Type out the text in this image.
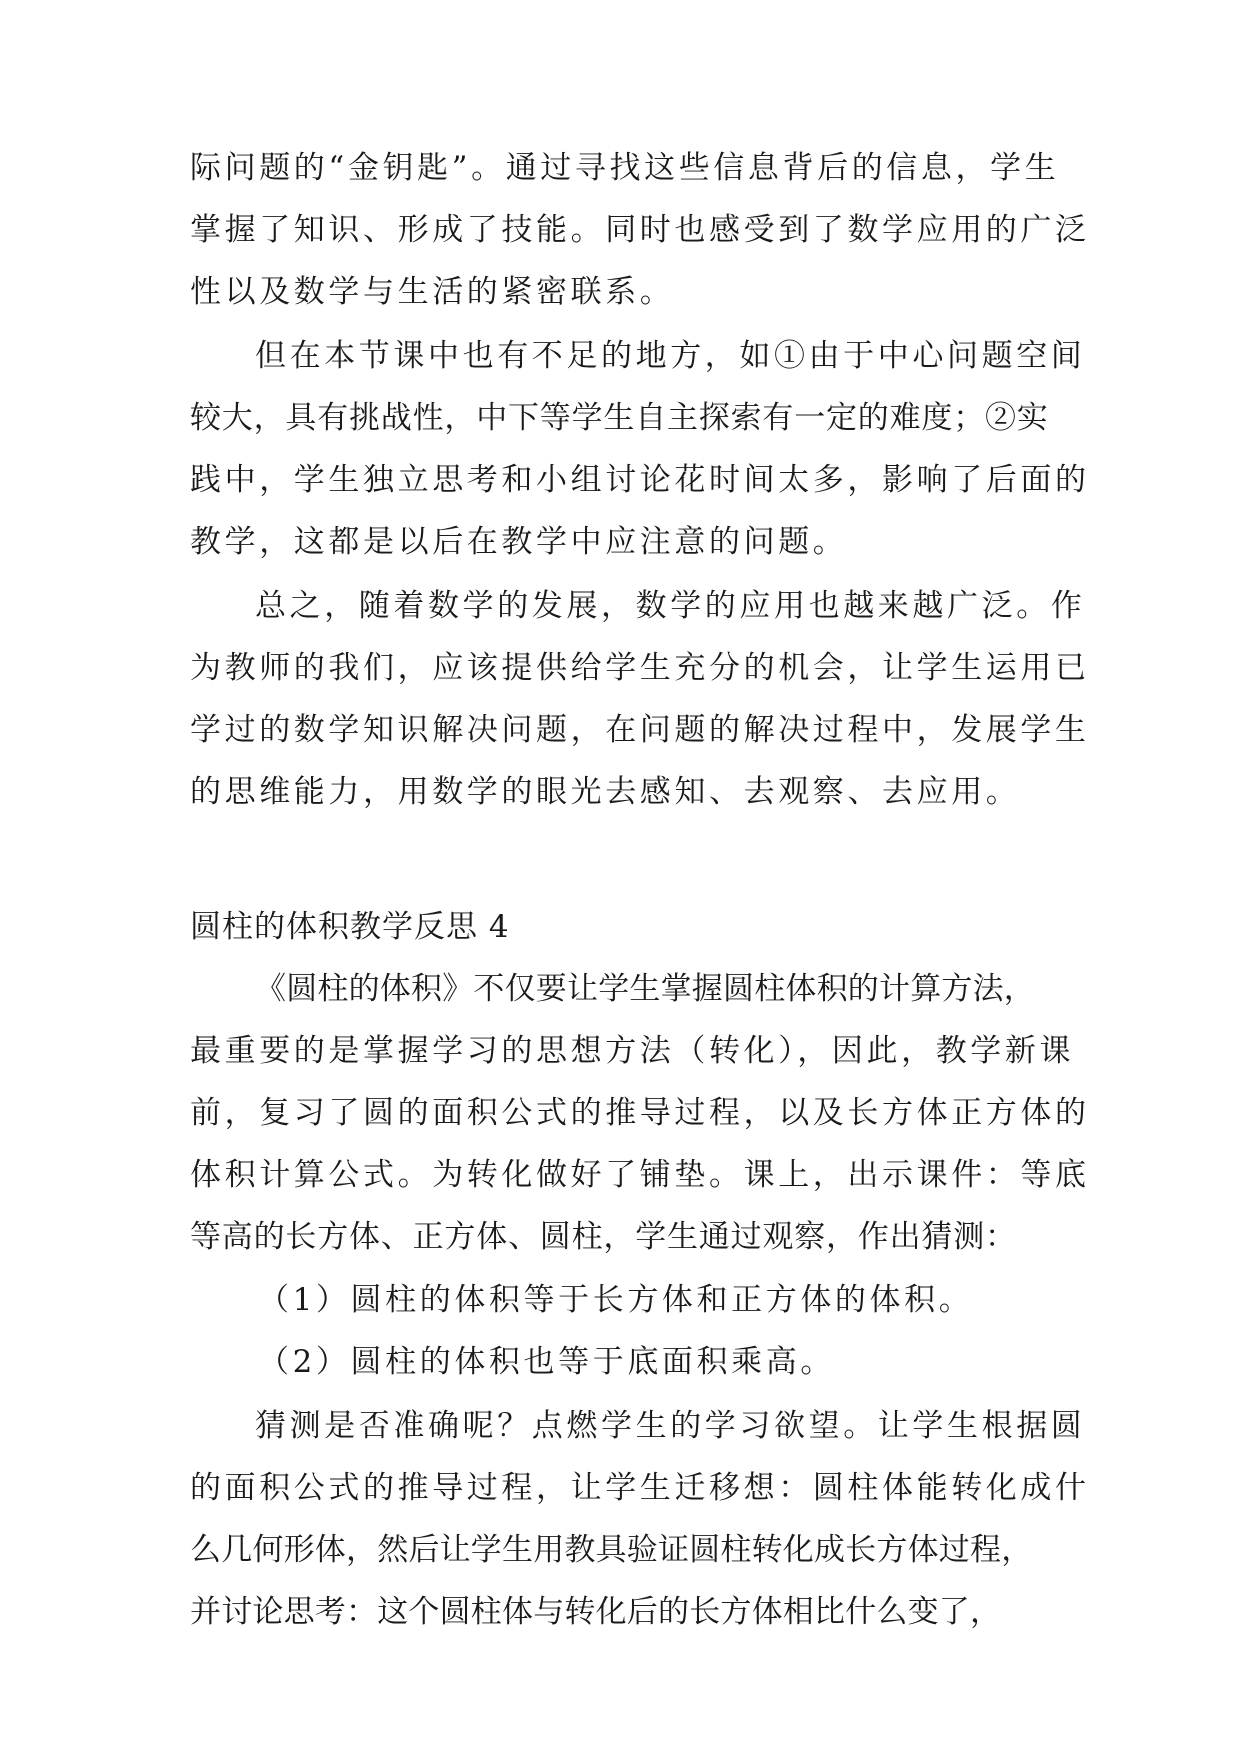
际问题的“金钥匙”。通过寻找这些信息背后的信息，学生
掌握了知识、形成了技能。同时也感受到了数学应用的广泛
性以及数学与生活的紧密联系。
但在本节课中也有不足的地方，如①由于中心问题空间
较大，具有挑战性，中下等学生自主探索有一定的难度；②实
践中，学生独立思考和小组讨论花时间太多，影响了后面的
教学，这都是以后在教学中应注意的问题。
总之，随着数学的发展，数学的应用也越来越广泛。作
为教师的我们，应该提供给学生充分的机会，让学生运用已
学过的数学知识解决问题，在问题的解决过程中，发展学生
的思维能力，用数学的眼光去感知、去观察、去应用。
圆柱的体积教学反思 4
《圆柱的体积》不仅要让学生掌握圆柱体积的计算方法，
最重要的是掌握学习的思想方法（转化），因此，教学新课
前，复习了圆的面积公式的推导过程，以及长方体正方体的
体积计算公式。为转化做好了铺垫。课上，出示课件：等底
等高的长方体、正方体、圆柱，学生通过观察，作出猜测：
（1）圆柱的体积等于长方体和正方体的体积。
（2）圆柱的体积也等于底面积乘高。
猜测是否准确呢？点燃学生的学习欲望。让学生根据圆
的面积公式的推导过程，让学生迁移想：圆柱体能转化成什
么几何形体，然后让学生用教具验证圆柱转化成长方体过程，
并讨论思考：这个圆柱体与转化后的长方体相比什么变了，
